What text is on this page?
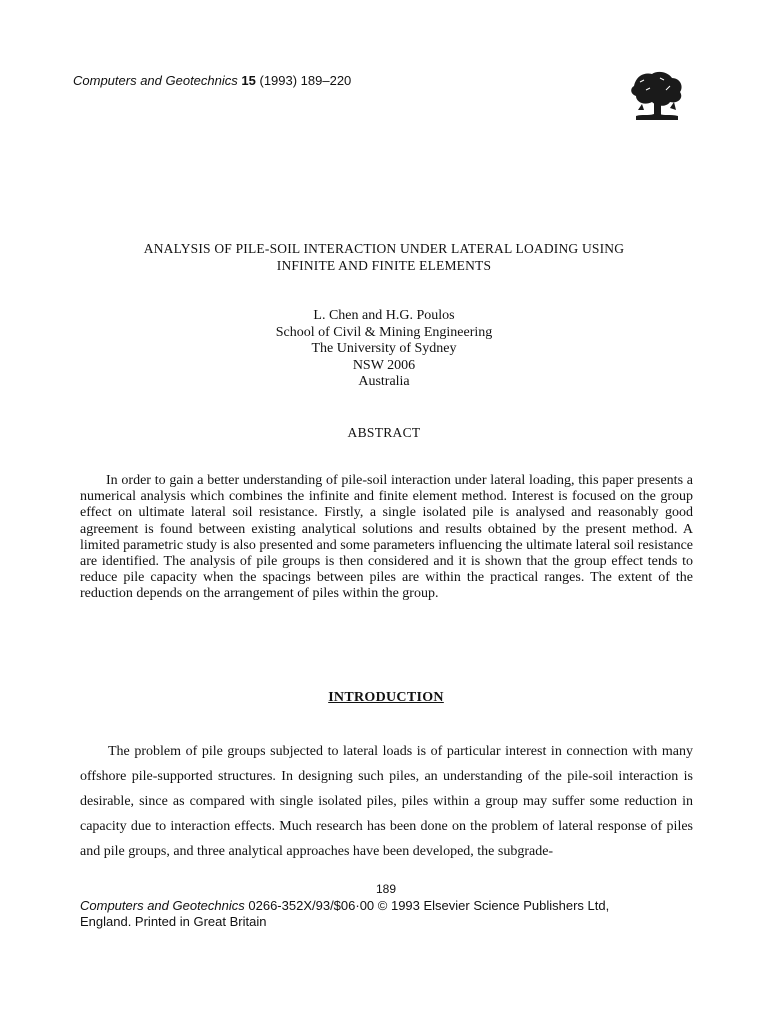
Computers and Geotechnics 15 (1993) 189–220
ANALYSIS OF PILE-SOIL INTERACTION UNDER LATERAL LOADING USING
INFINITE AND FINITE ELEMENTS
L. Chen and H.G. Poulos
School of Civil & Mining Engineering
The University of Sydney
NSW 2006
Australia
ABSTRACT
In order to gain a better understanding of pile-soil interaction under lateral loading, this paper presents a numerical analysis which combines the infinite and finite element method. Interest is focused on the group effect on ultimate lateral soil resistance. Firstly, a single isolated pile is analysed and reasonably good agreement is found between existing analytical solutions and results obtained by the present method. A limited parametric study is also presented and some parameters influencing the ultimate lateral soil resistance are identified. The analysis of pile groups is then considered and it is shown that the group effect tends to reduce pile capacity when the spacings between piles are within the practical ranges. The extent of the reduction depends on the arrangement of piles within the group.
INTRODUCTION
The problem of pile groups subjected to lateral loads is of particular interest in connection with many offshore pile-supported structures. In designing such piles, an understanding of the pile-soil interaction is desirable, since as compared with single isolated piles, piles within a group may suffer some reduction in capacity due to interaction effects. Much research has been done on the problem of lateral response of piles and pile groups, and three analytical approaches have been developed, the subgrade-
189
Computers and Geotechnics 0266-352X/93/$06·00 © 1993 Elsevier Science Publishers Ltd,
England. Printed in Great Britain
